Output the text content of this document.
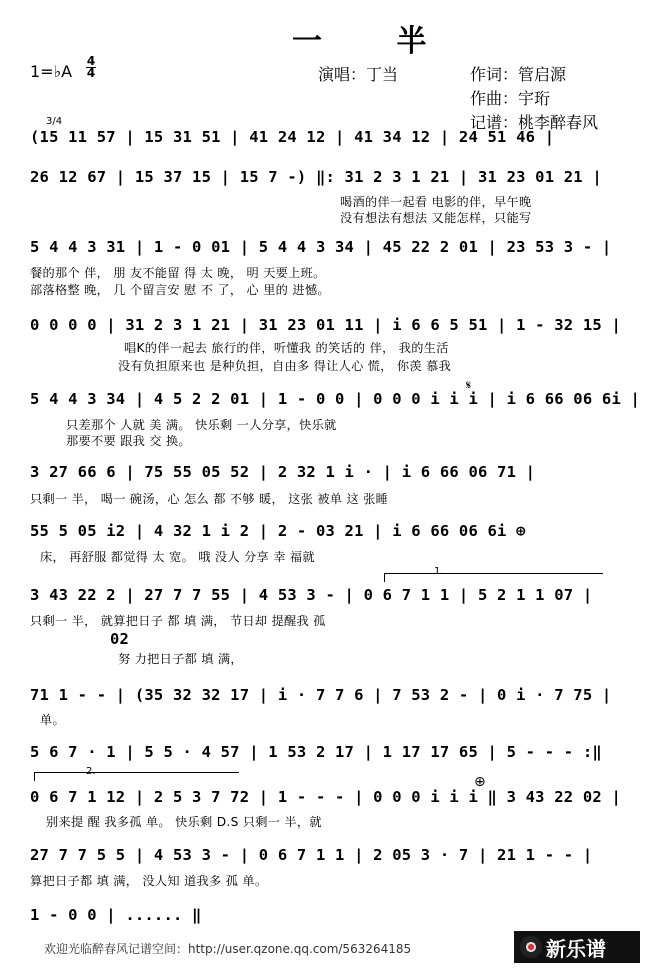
一 半
1=♭A
4
4	演唱：丁当	作词：管启源
作曲：宇珩
记谱：桃李醉春风
3/4
(15 11 57 | 15 31 51 | 41 24 12 | 41 34 12 | 24 51 46 |
26 12 67 | 15 37 15 | 15 7 -) ‖: 31 2 3 1 21 | 31 23 01 21 |
喝酒的伴一起看 电影的伴，早午晚
没有想法有想法 又能怎样，只能写
5 4 4 3 31 | 1 - 0 01 | 5 4 4 3 34 | 45 22 2 01 | 23 53 3 - |
餐的那个 伴， 朋 友不能留 得 太 晚， 明 天要上班。
部落格整 晚， 几 个留言安 慰 不 了， 心 里的 进憾。
0 0 0 0 | 31 2 3 1 21 | 31 23 01 11 | i 6 6 5 51 | 1 - 32 15 |
唱K的伴一起去 旅行的伴，听懂我 的笑话的 伴， 我的生活
没有负担原来也 是种负担，自由多 得让人心 慌， 你羡 慕我
5 4 4 3 34 | 4 5 2 2 01 | 1 - 0 0 | 0 0 0 i i i | i 6 66 06 6i |
𝄋
只差那个 人就 美 满。 快乐剩 一人分享，快乐就
那要不要 跟我 交 换。
3 27 66 6 | 75 55 05 52 | 2 32 1 i · | i 6 66 06 71 |
只剩一 半， 喝一 碗汤，心 怎么 都 不够 暖， 这张 被单 这 张睡
55 5 05 i2 | 4 32 1 i 2 | 2 - 03 21 | i 6 66 06 6i ⊕
床， 再舒服 都觉得 太 宽。 哦 没人 分享 幸 福就
1.
3 43 22 2 | 27 7 7 55 | 4 53 3 - | 0 6 7 1 1 | 5 2 1 1 07 |
只剩一 半， 就算把日子 都 填 满， 节日却 提醒我 孤
02
努 力把日子都 填 满，
71 1 - - | (35 32 32 17 | i · 7 7 6 | 7 53 2 - | 0 i · 7 75 |
单。
5 6 7 · 1 | 5 5 · 4 57 | 1 53 2 17 | 1 17 17 65 | 5 - - - :‖
2.
0 6 7 1 12 | 2 5 3 7 72 | 1 - - - | 0 0 0 i i i ‖ 3 43 22 02 |
⊕
别来提 醒 我多孤 单。 快乐剩 D.S 只剩一 半，就
27 7 7 5 5 | 4 53 3 - | 0 6 7 1 1 | 2 05 3 · 7 | 21 1 - - |
算把日子都 填 满， 没人知 道我多 孤 单。
1 - 0 0 | ...... ‖
欢迎光临醉春风记谱空间：http://user.qzone.qq.com/563264185	新乐谱
